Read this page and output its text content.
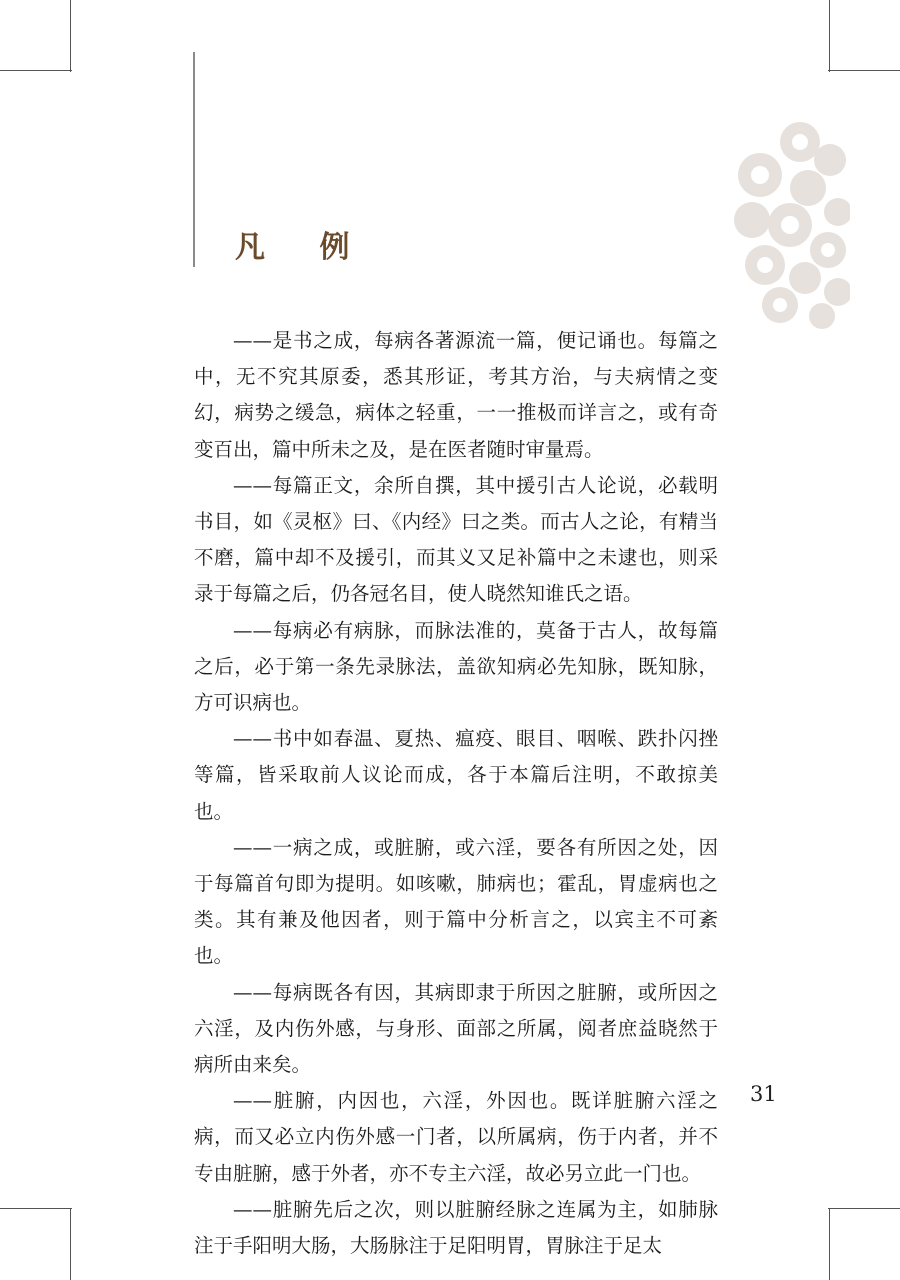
凡 例

——是书之成，每病各著源流一篇，便记诵也。每篇之中，无不究其原委，悉其形证，考其方治，与夫病情之变幻，病势之缓急，病体之轻重，一一推极而详言之，或有奇变百出，篇中所未之及，是在医者随时审量焉。

——每篇正文，余所自撰，其中援引古人论说，必载明书目，如《灵枢》曰、《内经》曰之类。而古人之论，有精当不磨，篇中却不及援引，而其义又足补篇中之未逮也，则采录于每篇之后，仍各冠名目，使人晓然知谁氏之语。

——每病必有病脉，而脉法准的，莫备于古人，故每篇之后，必于第一条先录脉法，盖欲知病必先知脉，既知脉，方可识病也。

——书中如春温、夏热、瘟疫、眼目、咽喉、跌扑闪挫等篇，皆采取前人议论而成，各于本篇后注明，不敢掠美也。

——一病之成，或脏腑，或六淫，要各有所因之处，因于每篇首句即为提明。如咳嗽，肺病也；霍乱，胃虚病也之类。其有兼及他因者，则于篇中分析言之，以宾主不可紊也。

——每病既各有因，其病即隶于所因之脏腑，或所因之六淫，及内伤外感，与身形、面部之所属，阅者庶益晓然于病所由来矣。

——脏腑，内因也，六淫，外因也。既详脏腑六淫之病，而又必立内伤外感一门者，以所属病，伤于内者，并不专由脏腑，感于外者，亦不专主六淫，故必另立此一门也。

——脏腑先后之次，则以脏腑经脉之连属为主，如肺脉注于手阳明大肠，大肠脉注于足阳明胃，胃脉注于足太

31
